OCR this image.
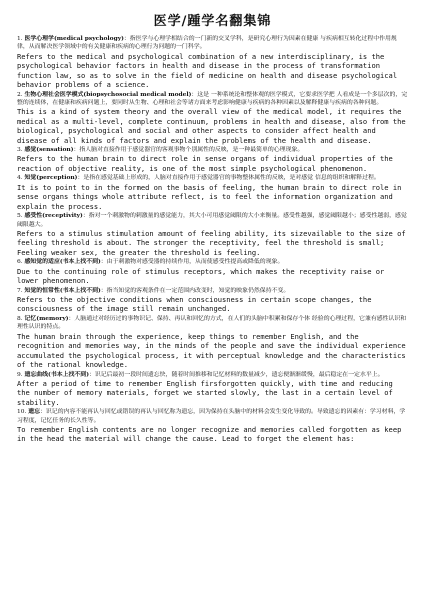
医学/踵学名翻集锦

1. 医学心理学(medical psychology)：指医学与心理学相结合的一门新的交叉学科，是研究心理行为因素在健康 与疾病相互转化过程中作用规律，从而解决医学领域中的有关健康和疾病的心理行为问题的一门科学。

Refers to the medical and psychological combination of a new interdisciplinary, is the psychological behavior factors in health and disease in the process of transformation function law, so as to solve in the field of medicine on health and disease psychological behavior problems of a science.

2. 生物心理社会医学模式(biopsychosocial medical model)：这是 一种系统论和整体观的医学模式，它要求医学把 人看成是一个多层次的，完整的连续体，在健康和疾病问题上，要同时从生物、心理和社会等诸方面来考虑影响健康与疾病的各种因素以及解释健康与疾病的各种问题。

This is a kind of system theory and the overall view of the medical model, it requires the medical as a multi-level, complete continuum, problems in health and disease, also from the biological, psychological and social and other aspects to consider affect health and disease of all kinds of factors and explain the problems of the health and disease.

3. 感觉(sensation)：指人脑对直接作用于感觉器官的客观事物个别属性的反映，是一种最简单的心理现象。

Refers to the human brain to direct role in sense organs of individual properties of the reaction of objective reality, is one of the most simple psychological phenomenon.

4. 知觉(perception)：是指在感觉基础上形成的，人脑对直接作用于感觉器官的事物整体属性的反映，是对感觉 信息的组织和解释过程。

It is to point to in the formed on the basis of feeling, the human brain to direct role in sense organs things whole attribute reflect, is to feel the information organization and explain the process.

5. 感受性(receptivity)：指对一个刺激物的刺激量的感觉能力，其大小可用感觉阈限的大小来衡量。感受性越强，感觉阈限越小；感受性越弱，感觉阈限越大。

Refers to a stimulus stimulation amount of feeling ability, its sizevailable to the size of feeling threshold is about. The stronger the receptivity, feel the threshold is small; Feeling weaker sex, the greater the threshold is feeling.

6. 感知觉的适应(书本上找不到)：由于刺激物对感受器的持续作用，从而使感受性提高或降低的现象。

Due to the continuing role of stimulus receptors, which makes the receptivity raise or lower phenomenon.

7. 知觉的恒常性(书本上找不到)：指当知觉的客观条件在一定范围内改变时，知觉的映象仍然保持不变。

Refers to the objective conditions when consciousness in certain scope changes, the consciousness of the image still remain unchanged.

8. 记忆(memory)：人脑通过对经历过的事物识记、保持、再认和回忆的方式，在人们的头脑中积累和保存个体 经验的心理过程，它兼有感性认识和理性认识的特点。

The human brain through the experience, keep things to remember English, and the recognition and memories way, in the minds of the people and save the individual experience accumulated the psychological process, it with perceptual knowledge and the characteristics of the rational knowledge.

9. 遗忘曲线(书本上找不到)：识记后最初一段时间遗忘快，随着时间推移和记忆材料的数量减少，遗忘便渐渐缓慢，最后稳定在一定水平上。

After a period of time to remember English firsforgotten quickly, with time and reducing the number of memory materials, forget we started slowly, the last in a certain level of stability.

10. 遗忘：识记的内容不能再认与回忆或错误的再认与回忆称为遗忘，因为保持在头脑中的材料会发生变化导致的。导致遗忘的因素有：学习材料，学习程度，记忆任务的长久性等。

To remember English contents are no longer recognize and memories called forgotten as keep in the head the material will change the cause. Lead to forget the element has:
